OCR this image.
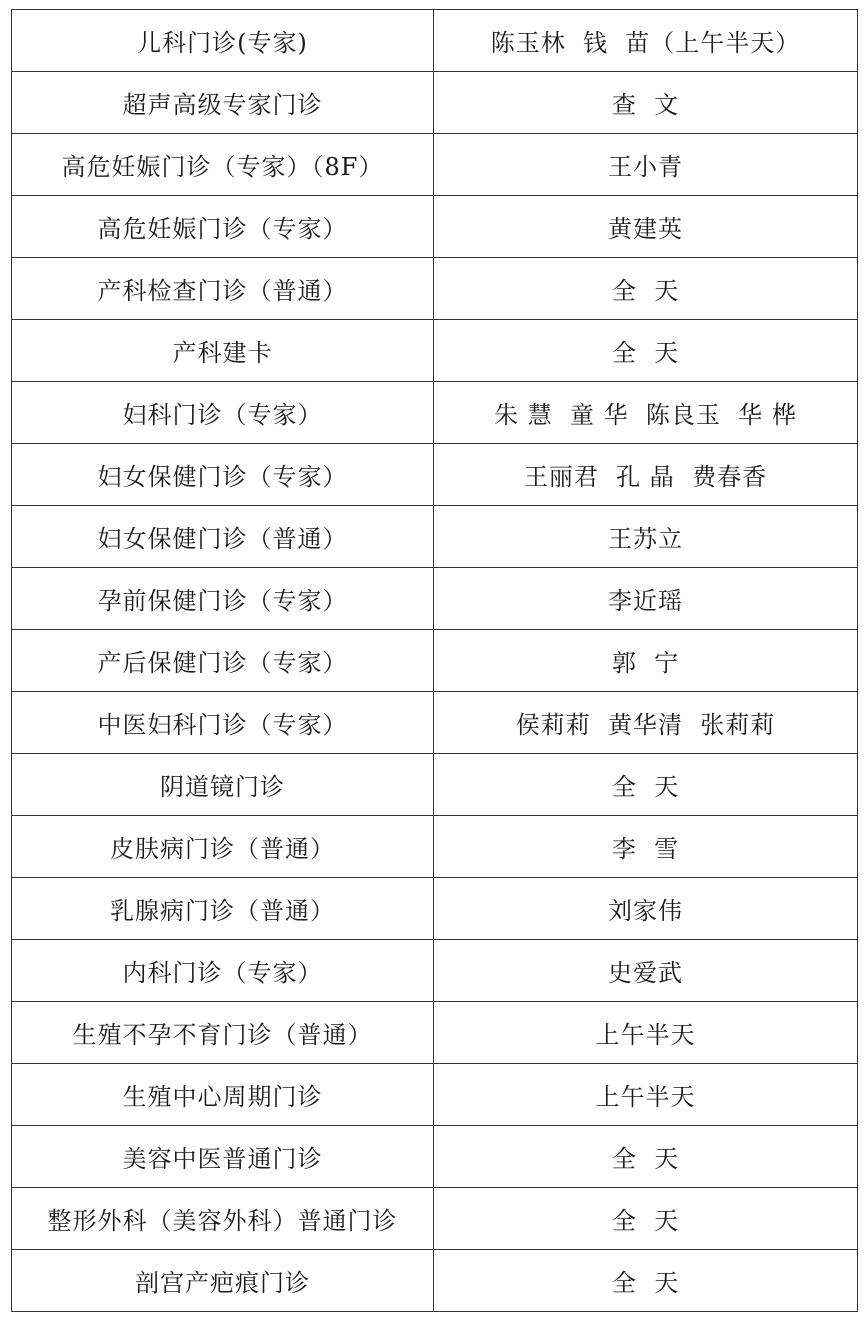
儿科门诊(专家)	陈玉林  钱  苗（上午半天）
超声高级专家门诊	查  文
高危妊娠门诊（专家）（8F）	王小青
高危妊娠门诊（专家）	黄建英
产科检查门诊（普通）	全  天
产科建卡	全  天
妇科门诊（专家）	朱 慧  童 华  陈良玉  华 桦
妇女保健门诊（专家）	王丽君  孔 晶  费春香
妇女保健门诊（普通）	王苏立
孕前保健门诊（专家）	李近瑶
产后保健门诊（专家）	郭  宁
中医妇科门诊（专家）	侯莉莉  黄华清  张莉莉
阴道镜门诊	全  天
皮肤病门诊（普通）	李  雪
乳腺病门诊（普通）	刘家伟
内科门诊（专家）	史爱武
生殖不孕不育门诊（普通）	上午半天
生殖中心周期门诊	上午半天
美容中医普通门诊	全  天
整形外科（美容外科）普通门诊	全  天
剖宫产疤痕门诊	全  天
